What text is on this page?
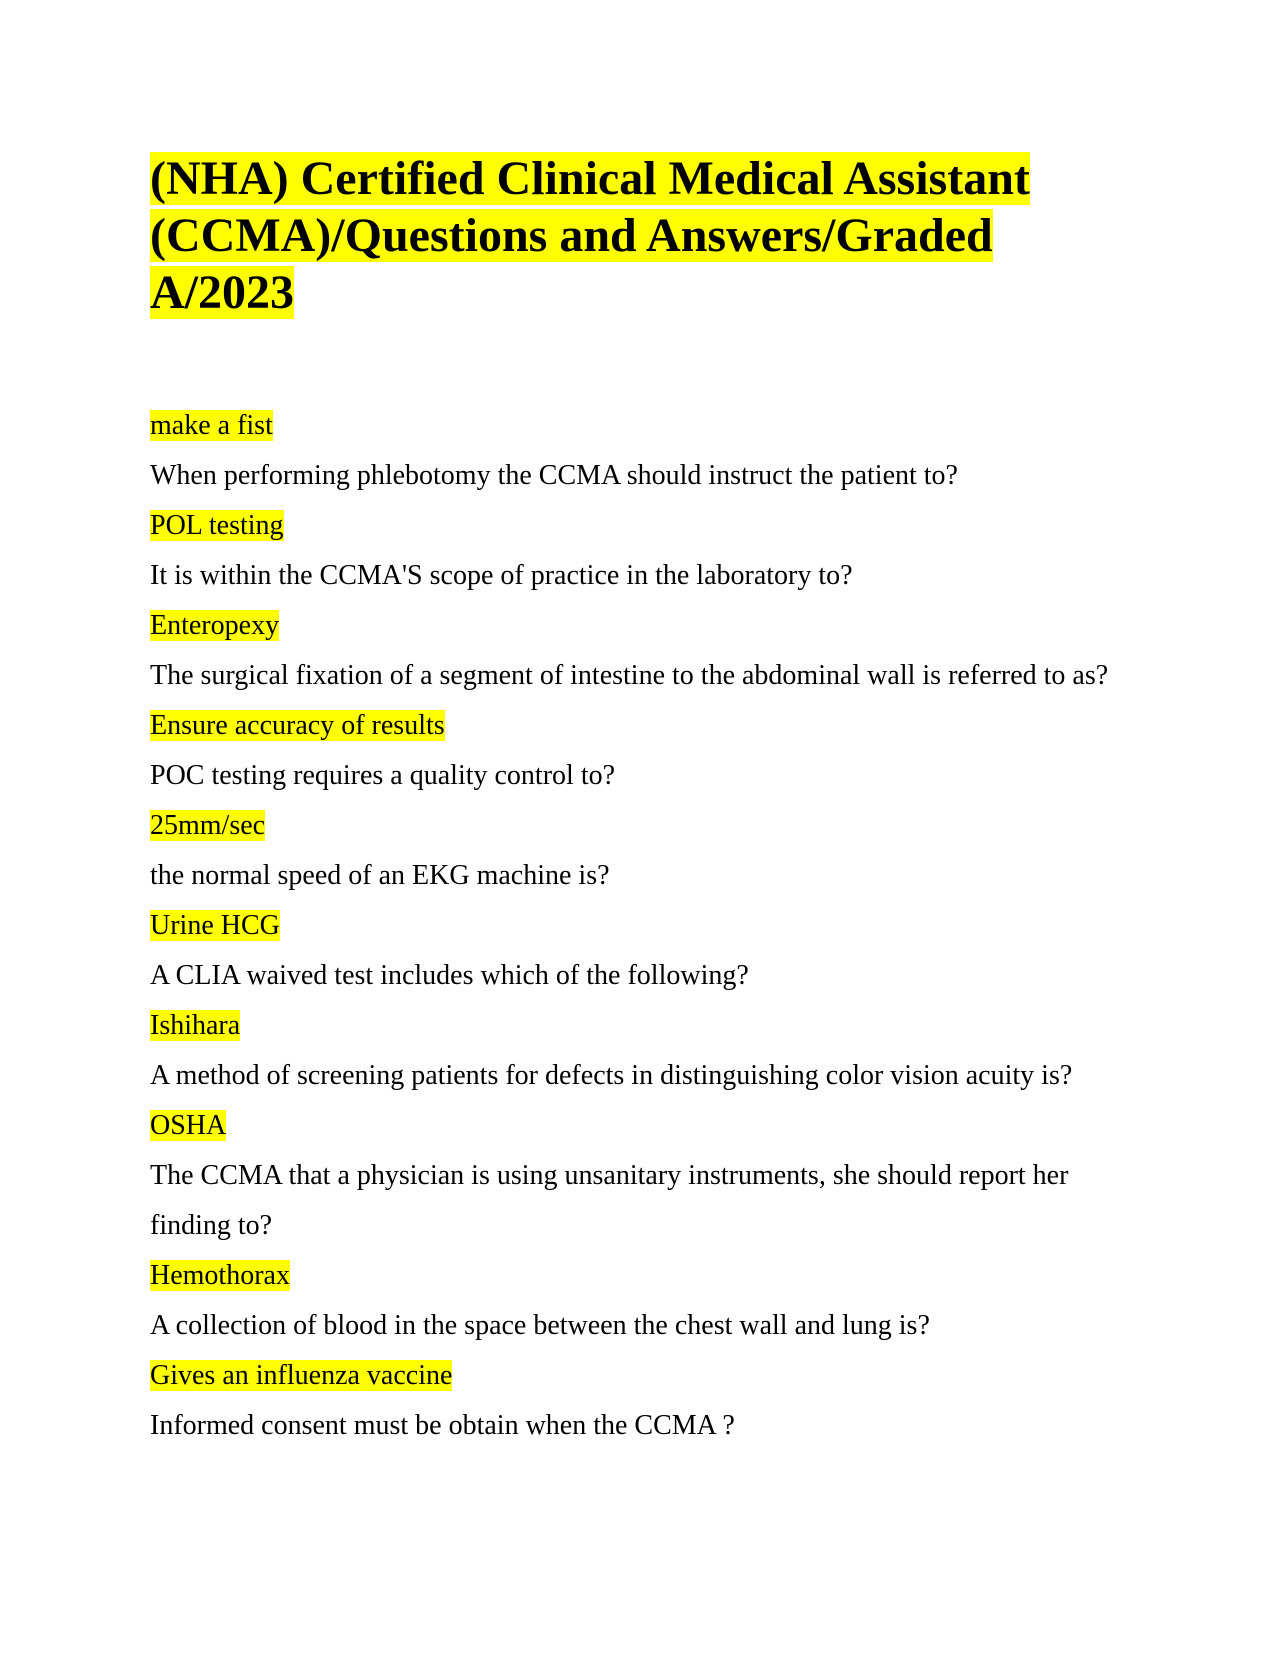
(NHA) Certified Clinical Medical Assistant (CCMA)/Questions and Answers/Graded A/2023

make a fist

When performing phlebotomy the CCMA should instruct the patient to?

POL testing

It is within the CCMA'S scope of practice in the laboratory to?

Enteropexy

The surgical fixation of a segment of intestine to the abdominal wall is referred to as?

Ensure accuracy of results

POC testing requires a quality control to?

25mm/sec

the normal speed of an EKG machine is?

Urine HCG

A CLIA waived test includes which of the following?

Ishihara

A method of screening patients for defects in distinguishing color vision acuity is?

OSHA

The CCMA that a physician is using unsanitary instruments, she should report her finding to?

Hemothorax

A collection of blood in the space between the chest wall and lung is?

Gives an influenza vaccine

Informed consent must be obtain when the CCMA ?
